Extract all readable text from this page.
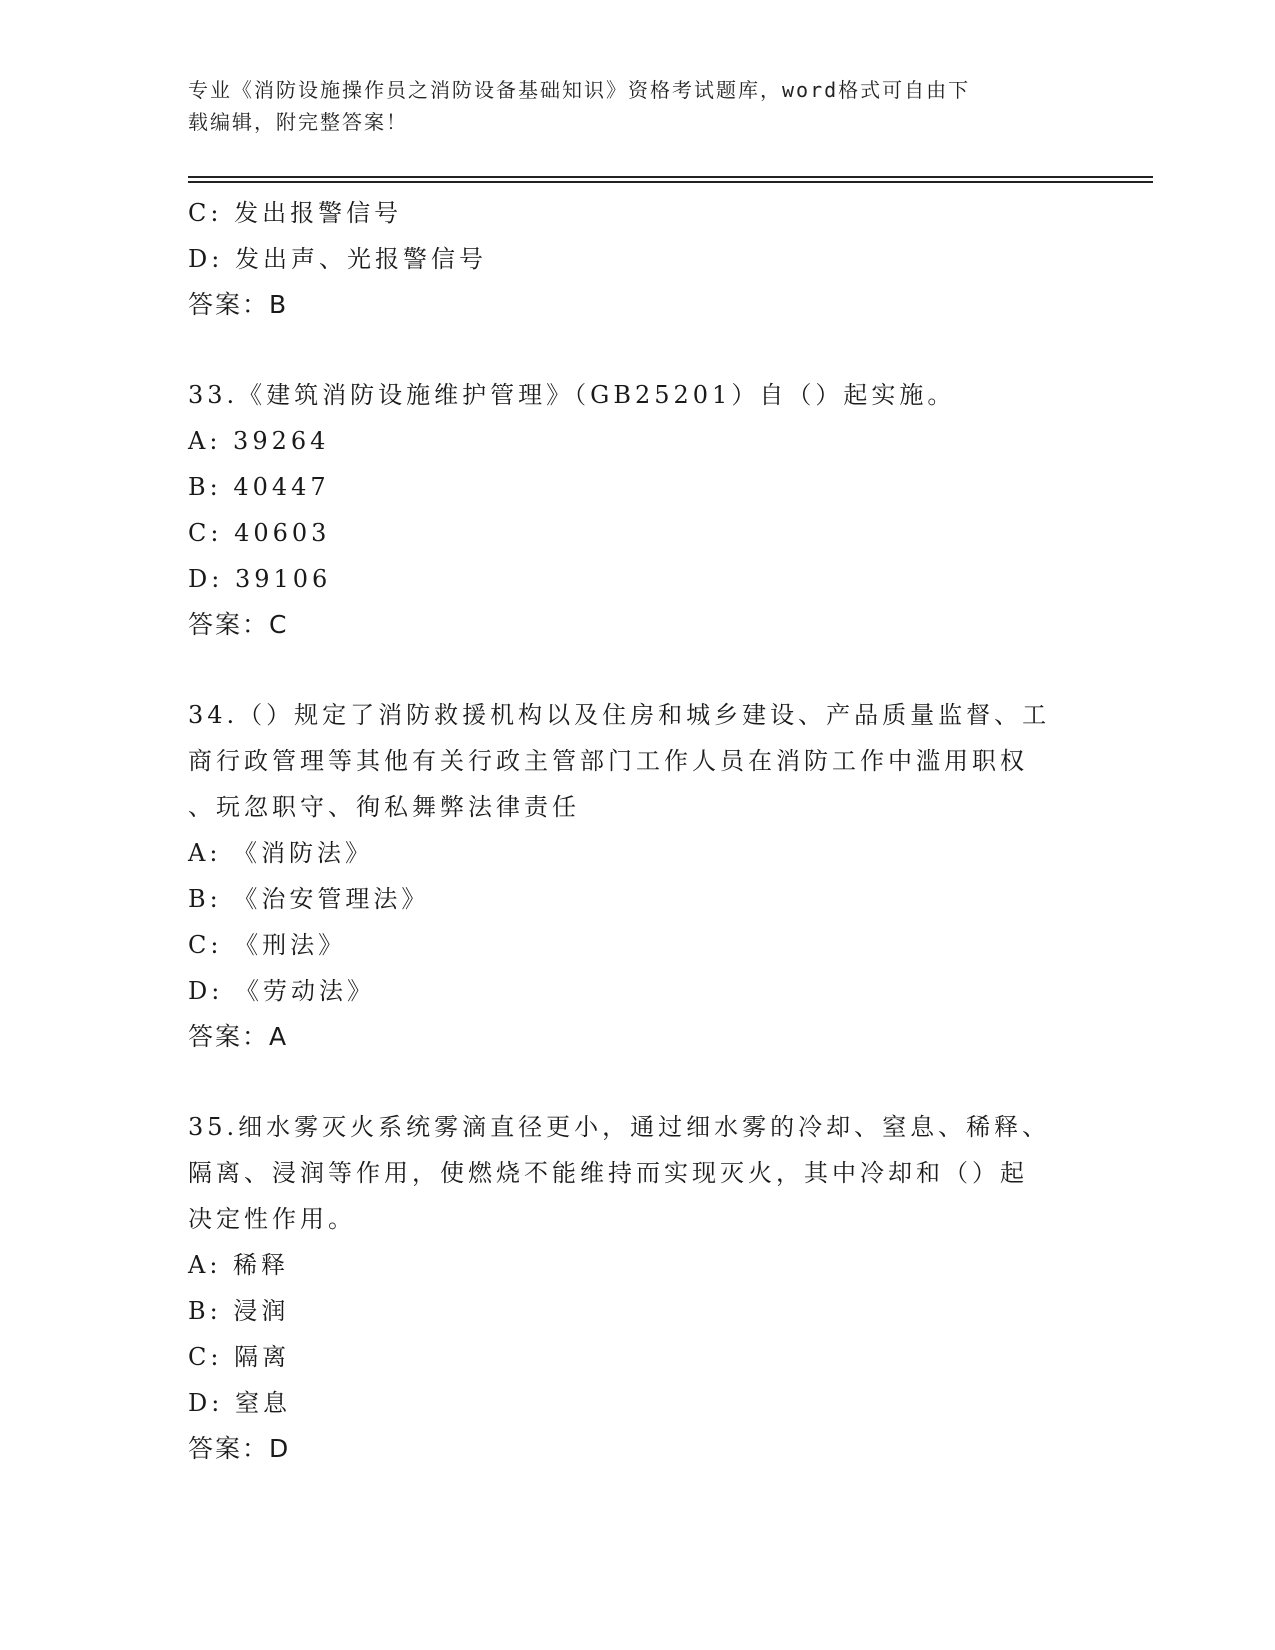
专业《消防设施操作员之消防设备基础知识》资格考试题库，word格式可自由下
载编辑，附完整答案！
C: 发出报警信号
D: 发出声、光报警信号
答案：B
33.《建筑消防设施维护管理》（GB25201）自（）起实施。
A: 39264
B: 40447
C: 40603
D: 39106
答案：C
34.（）规定了消防救援机构以及住房和城乡建设、产品质量监督、工
商行政管理等其他有关行政主管部门工作人员在消防工作中滥用职权
、玩忽职守、徇私舞弊法律责任
A: 《消防法》
B: 《治安管理法》
C: 《刑法》
D: 《劳动法》
答案：A
35.细水雾灭火系统雾滴直径更小，通过细水雾的冷却、窒息、稀释、
隔离、浸润等作用，使燃烧不能维持而实现灭火，其中冷却和（）起
决定性作用。
A: 稀释
B: 浸润
C: 隔离
D: 窒息
答案：D
